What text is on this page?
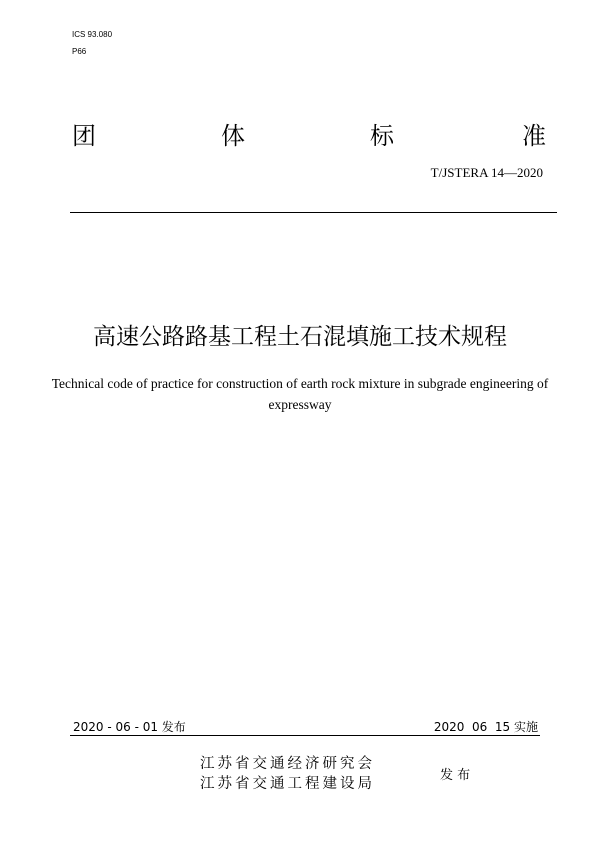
ICS 93.080
P66
团	体	标	准
T/JSTERA 14—2020
高速公路路基工程土石混填施工技术规程
Technical code of practice for construction of earth rock mixture in subgrade engineering of expressway
2020 - 06 - 01 发布	2020  06  15 实施
江苏省交通经济研究会
江苏省交通工程建设局
发 布
